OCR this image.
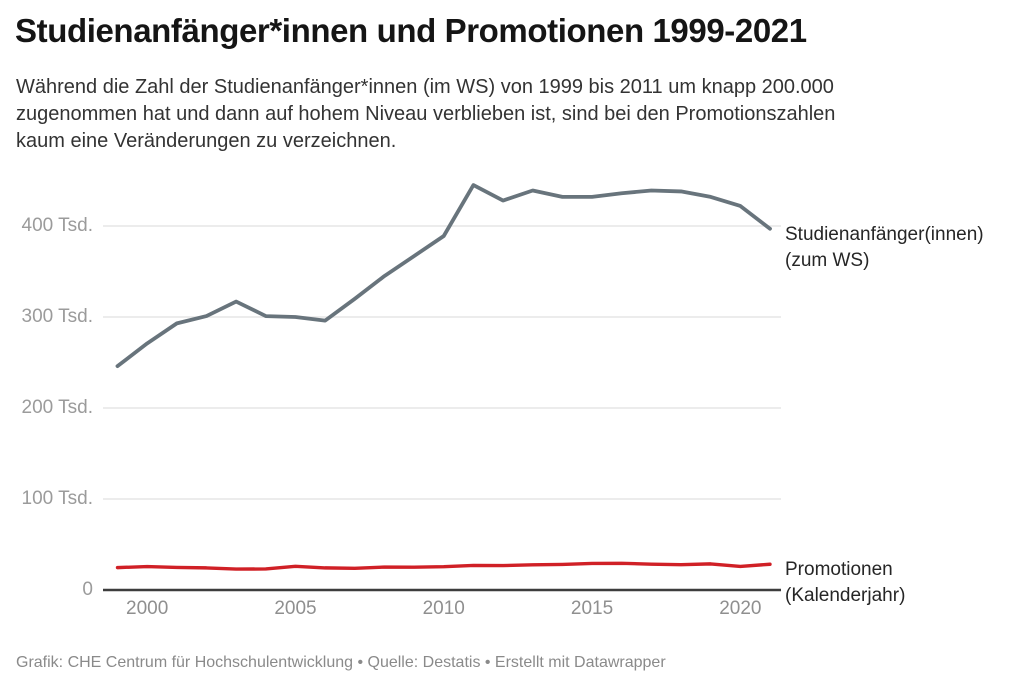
Studienanfänger*innen und Promotionen 1999-2021
Während die Zahl der Studienanfänger*innen (im WS) von 1999 bis 2011 um knapp 200.000
zugenommen hat und dann auf hohem Niveau verblieben ist, sind bei den Promotionszahlen
kaum eine Veränderungen zu verzeichnen.
400 Tsd.
300 Tsd.
200 Tsd.
100 Tsd.
0
2000	2005	2010	2015	2020
Studienanfänger(innen)
(zum WS)
Promotionen
(Kalenderjahr)
Grafik: CHE Centrum für Hochschulentwicklung • Quelle: Destatis • Erstellt mit Datawrapper
